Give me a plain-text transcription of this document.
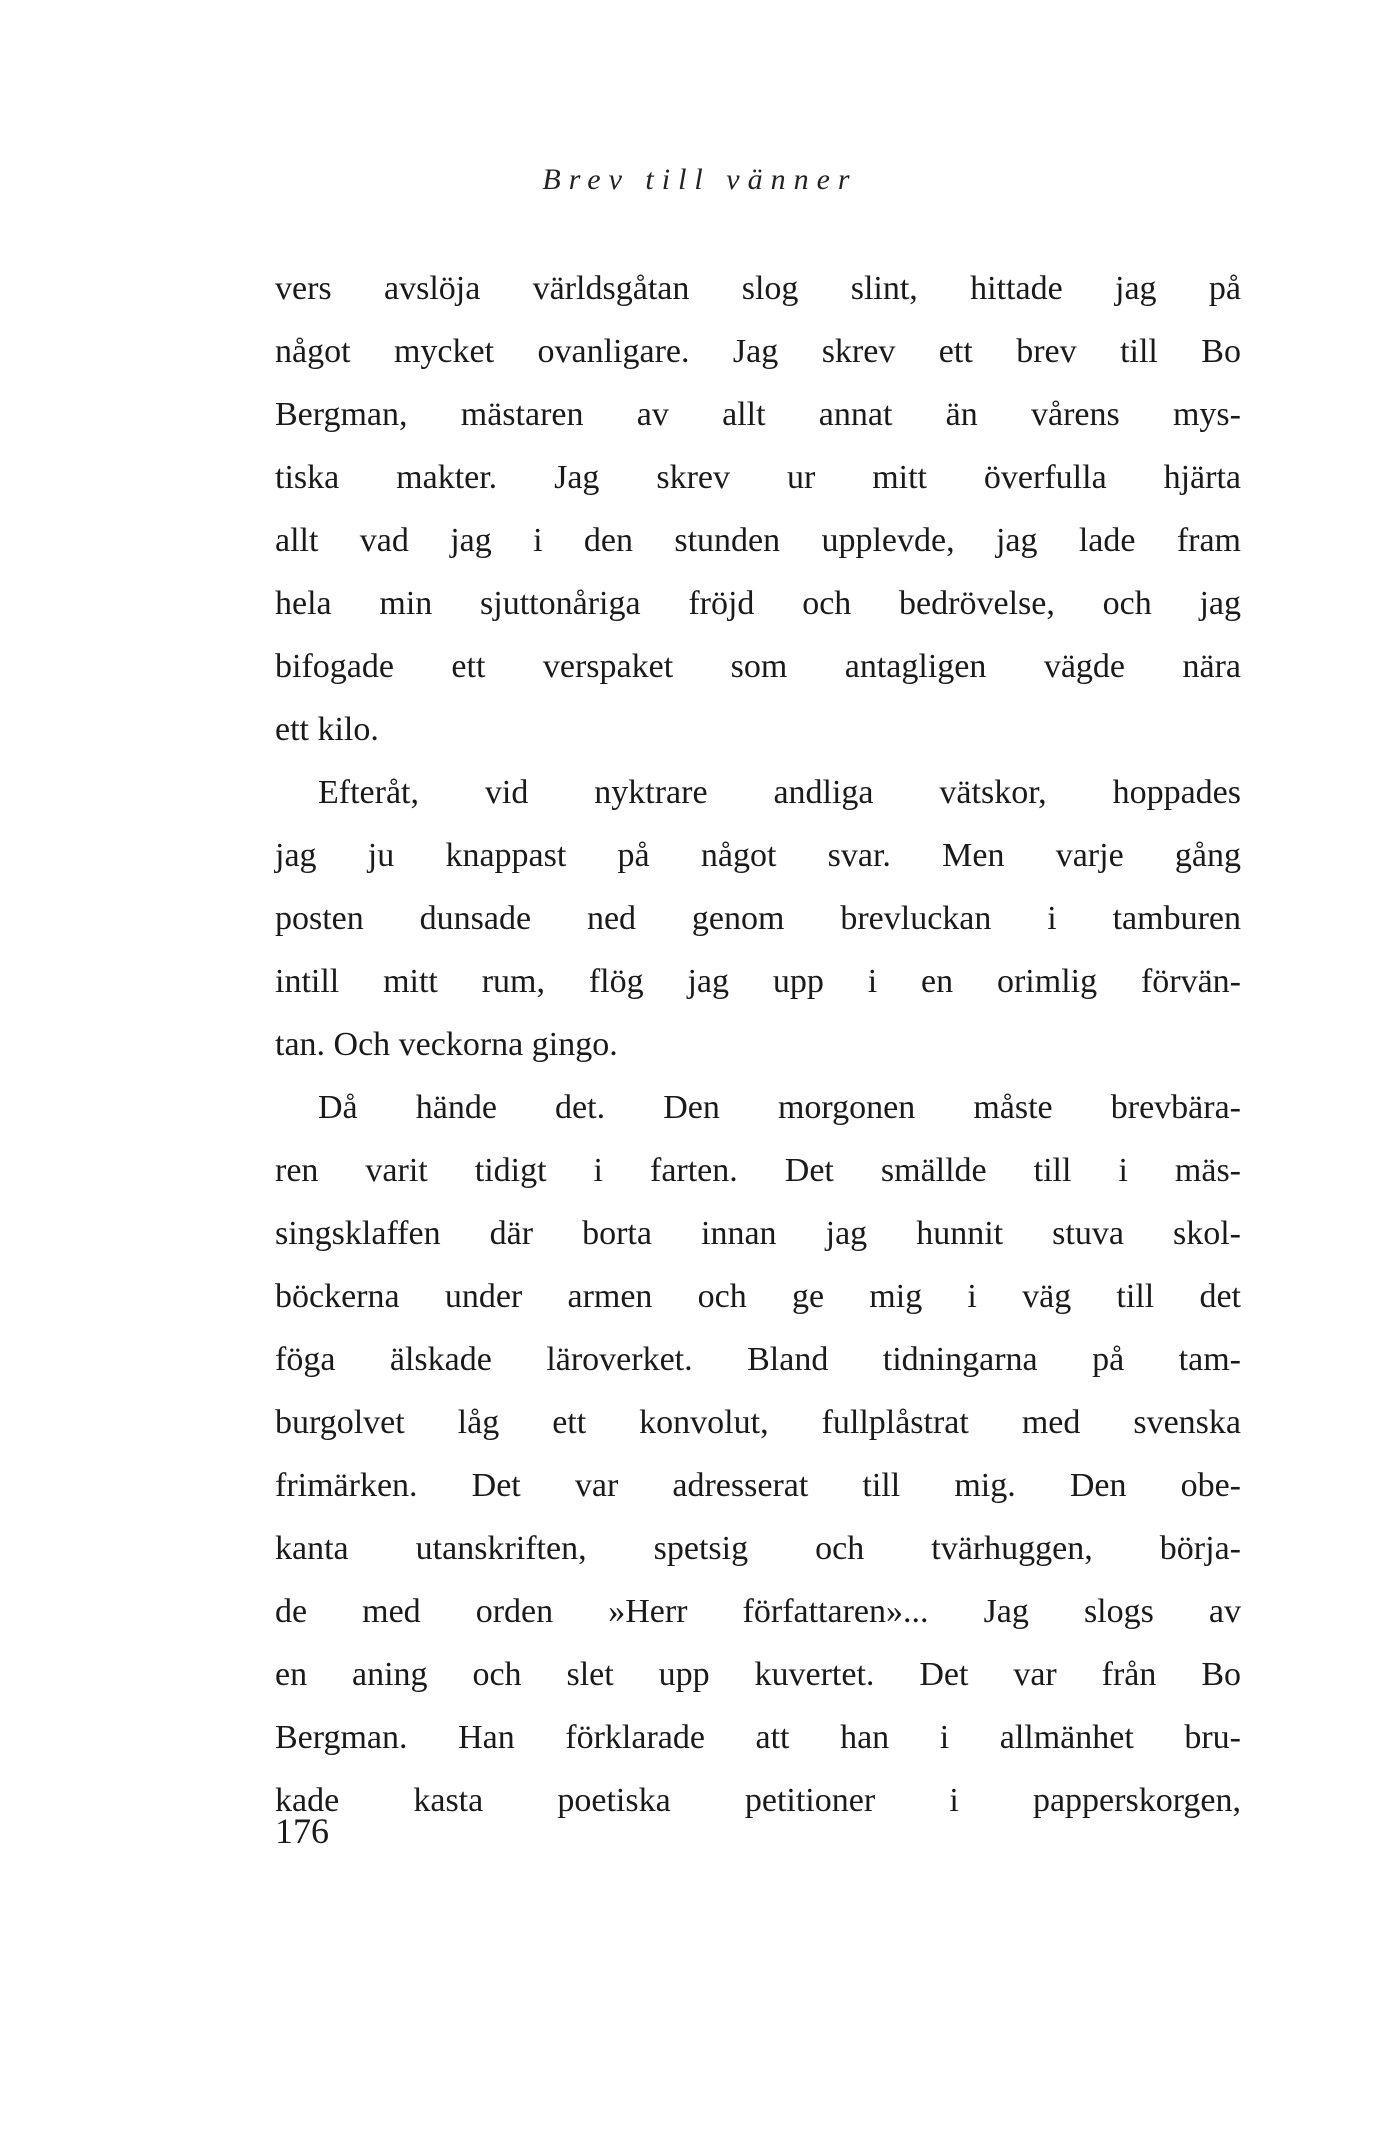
Brev till vänner
vers avslöja världsgåtan slog slint, hittade jag på
något mycket ovanligare. Jag skrev ett brev till Bo
Bergman, mästaren av allt annat än vårens mys-
tiska makter. Jag skrev ur mitt överfulla hjärta
allt vad jag i den stunden upplevde, jag lade fram
hela min sjuttonåriga fröjd och bedrövelse, och jag
bifogade ett verspaket som antagligen vägde nära
ett kilo.
Efteråt, vid nyktrare andliga vätskor, hoppades
jag ju knappast på något svar. Men varje gång
posten dunsade ned genom brevluckan i tamburen
intill mitt rum, flög jag upp i en orimlig förvän-
tan. Och veckorna gingo.
Då hände det. Den morgonen måste brevbära-
ren varit tidigt i farten. Det smällde till i mäs-
singsklaffen där borta innan jag hunnit stuva skol-
böckerna under armen och ge mig i väg till det
föga älskade läroverket. Bland tidningarna på tam-
burgolvet låg ett konvolut, fullplåstrat med svenska
frimärken. Det var adresserat till mig. Den obe-
kanta utanskriften, spetsig och tvärhuggen, börja-
de med orden »Herr författaren»... Jag slogs av
en aning och slet upp kuvertet. Det var från Bo
Bergman. Han förklarade att han i allmänhet bru-
kade kasta poetiska petitioner i papperskorgen,
176
